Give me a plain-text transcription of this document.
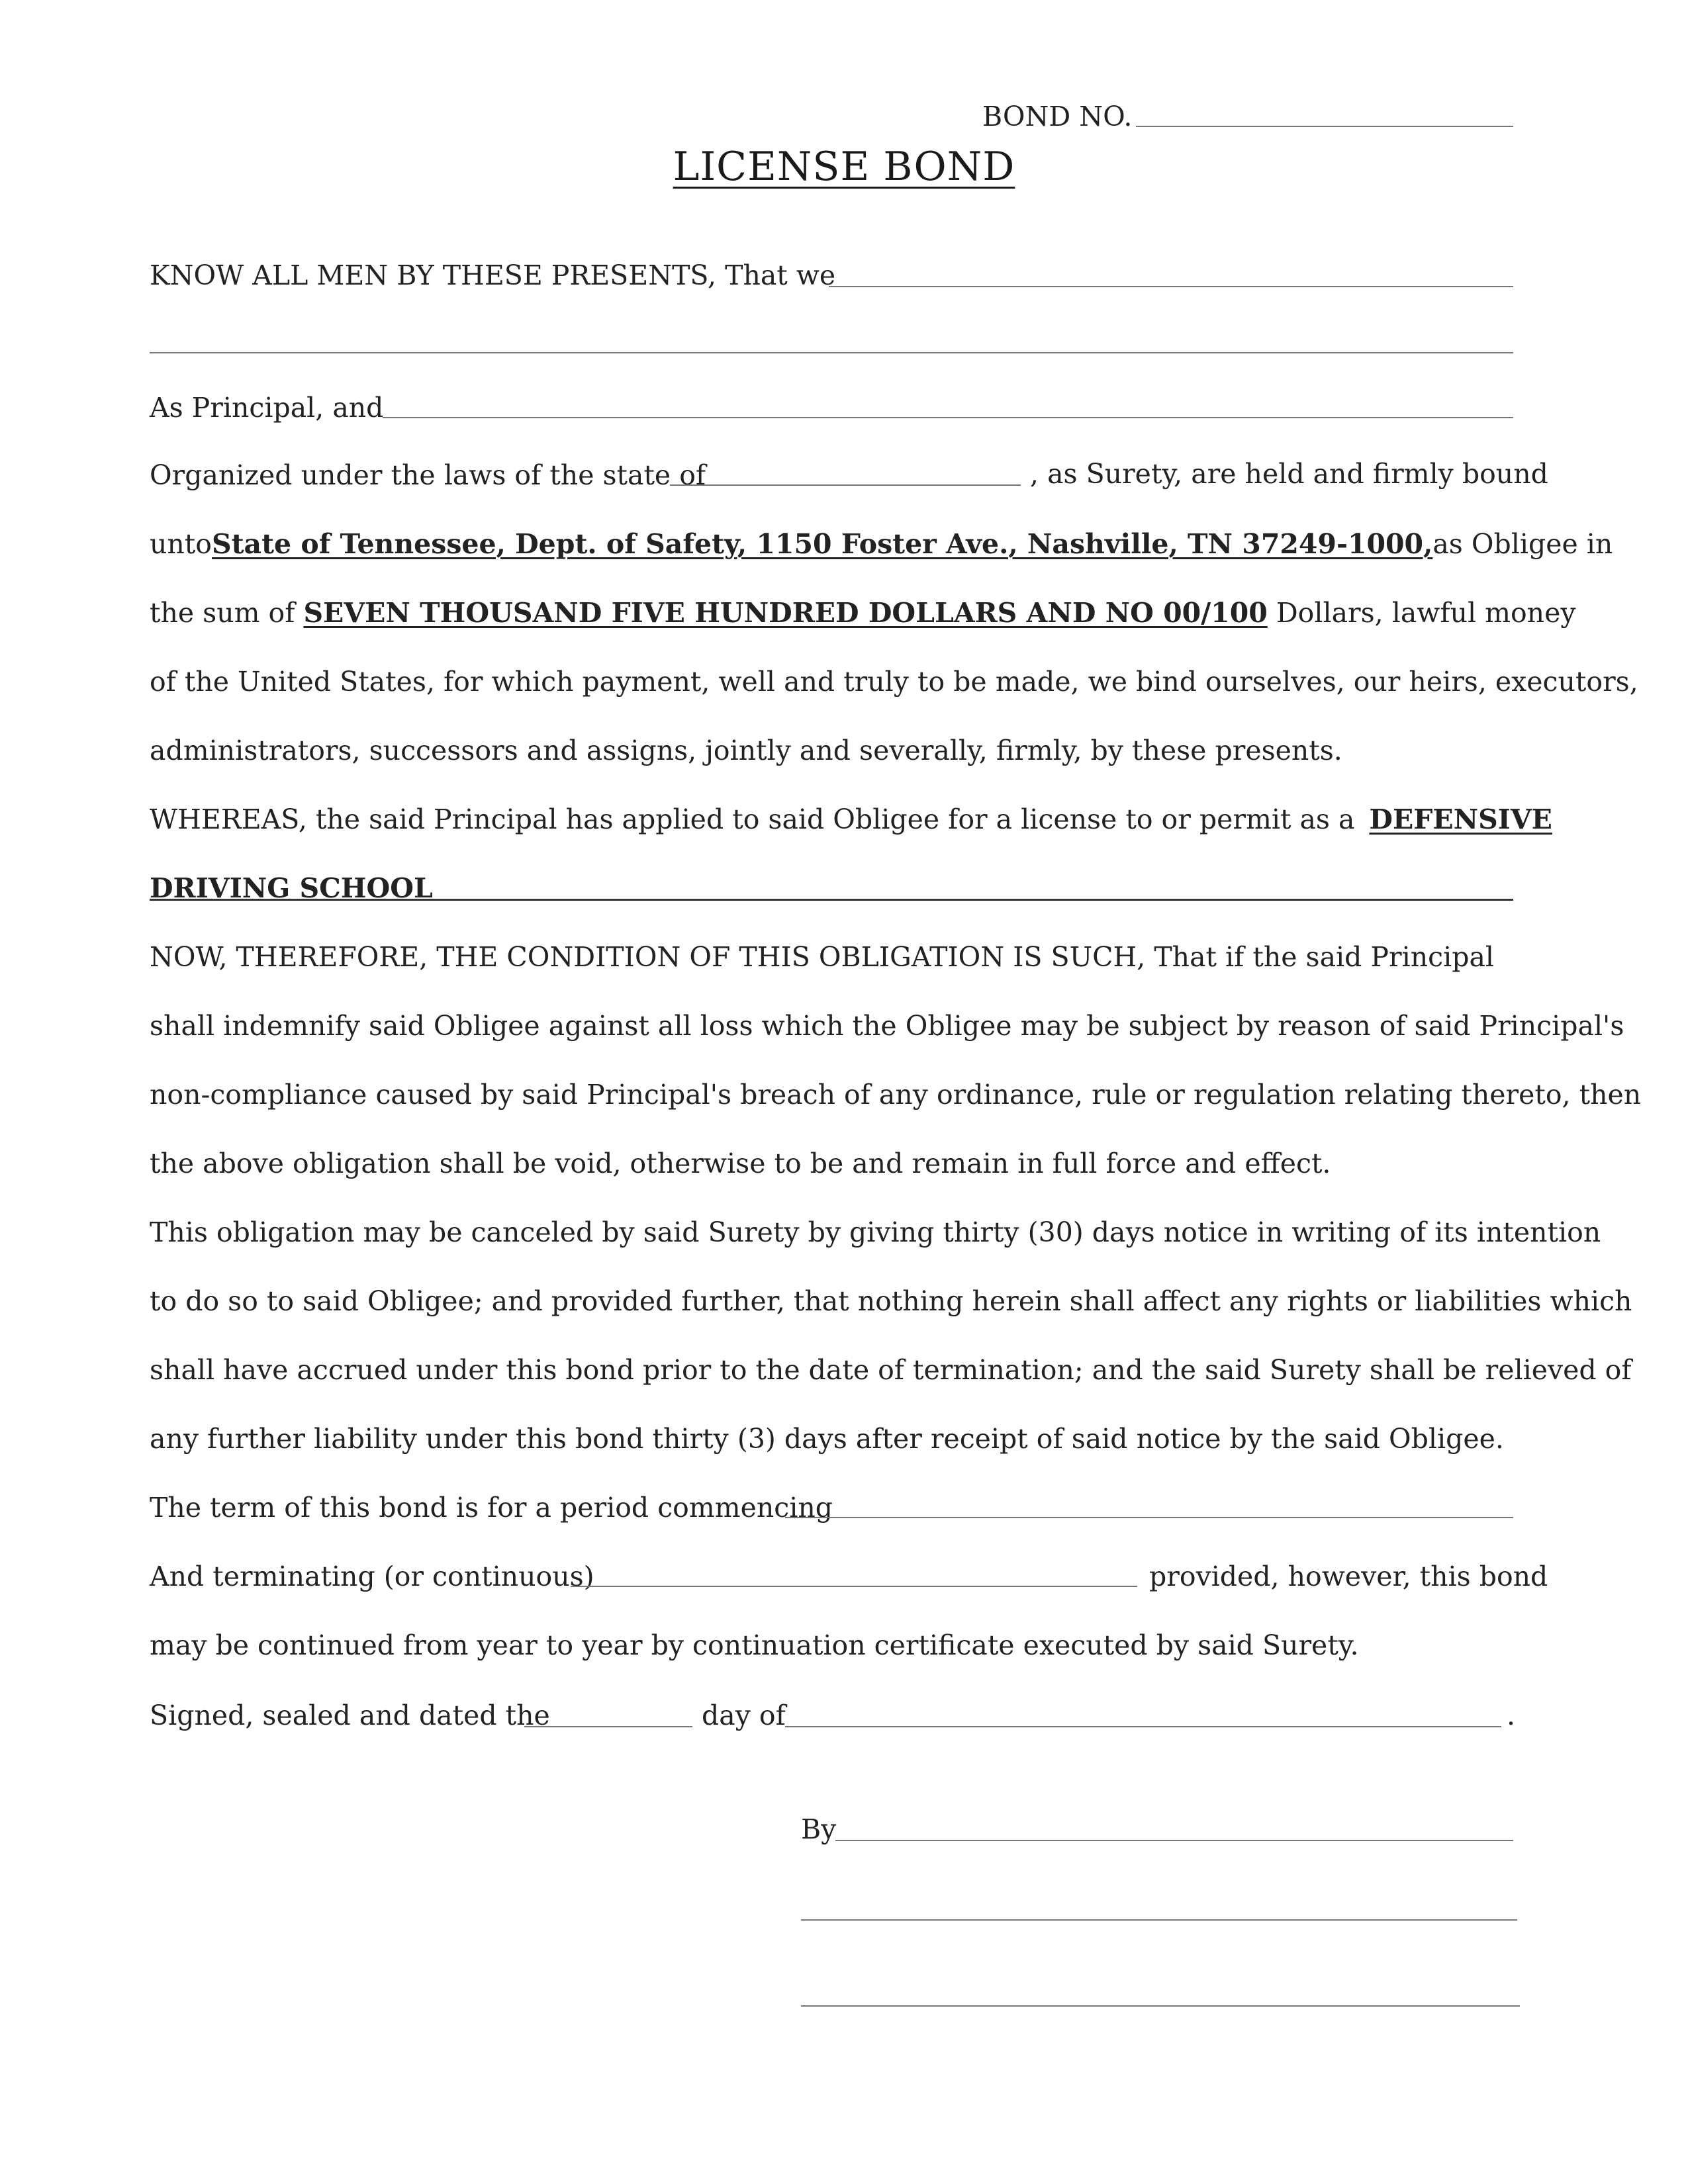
BOND NO.
LICENSE BOND
KNOW ALL MEN BY THESE PRESENTS, That we
As Principal, and
Organized under the laws of the state of	, as Surety, are held and firmly bound
unto State of Tennessee, Dept. of Safety, 1150 Foster Ave., Nashville, TN 37249-1000, as Obligee in
the sum of SEVEN THOUSAND FIVE HUNDRED DOLLARS AND NO 00/100 Dollars, lawful money
of the United States, for which payment, well and truly to be made, we bind ourselves, our heirs, executors,
administrators, successors and assigns, jointly and severally, firmly, by these presents.
WHEREAS, the said Principal has applied to said Obligee for a license to or permit as a DEFENSIVE
DRIVING SCHOOL
NOW, THEREFORE, THE CONDITION OF THIS OBLIGATION IS SUCH, That if the said Principal
shall indemnify said Obligee against all loss which the Obligee may be subject by reason of said Principal's
non-compliance caused by said Principal's breach of any ordinance, rule or regulation relating thereto, then
the above obligation shall be void, otherwise to be and remain in full force and effect.
This obligation may be canceled by said Surety by giving thirty (30) days notice in writing of its intention
to do so to said Obligee; and provided further, that nothing herein shall affect any rights or liabilities which
shall have accrued under this bond prior to the date of termination; and the said Surety shall be relieved of
any further liability under this bond thirty (3) days after receipt of said notice by the said Obligee.
The term of this bond is for a period commencing
And terminating (or continuous)	provided, however, this bond
may be continued from year to year by continuation certificate executed by said Surety.
Signed, sealed and dated the	day of	.
By
